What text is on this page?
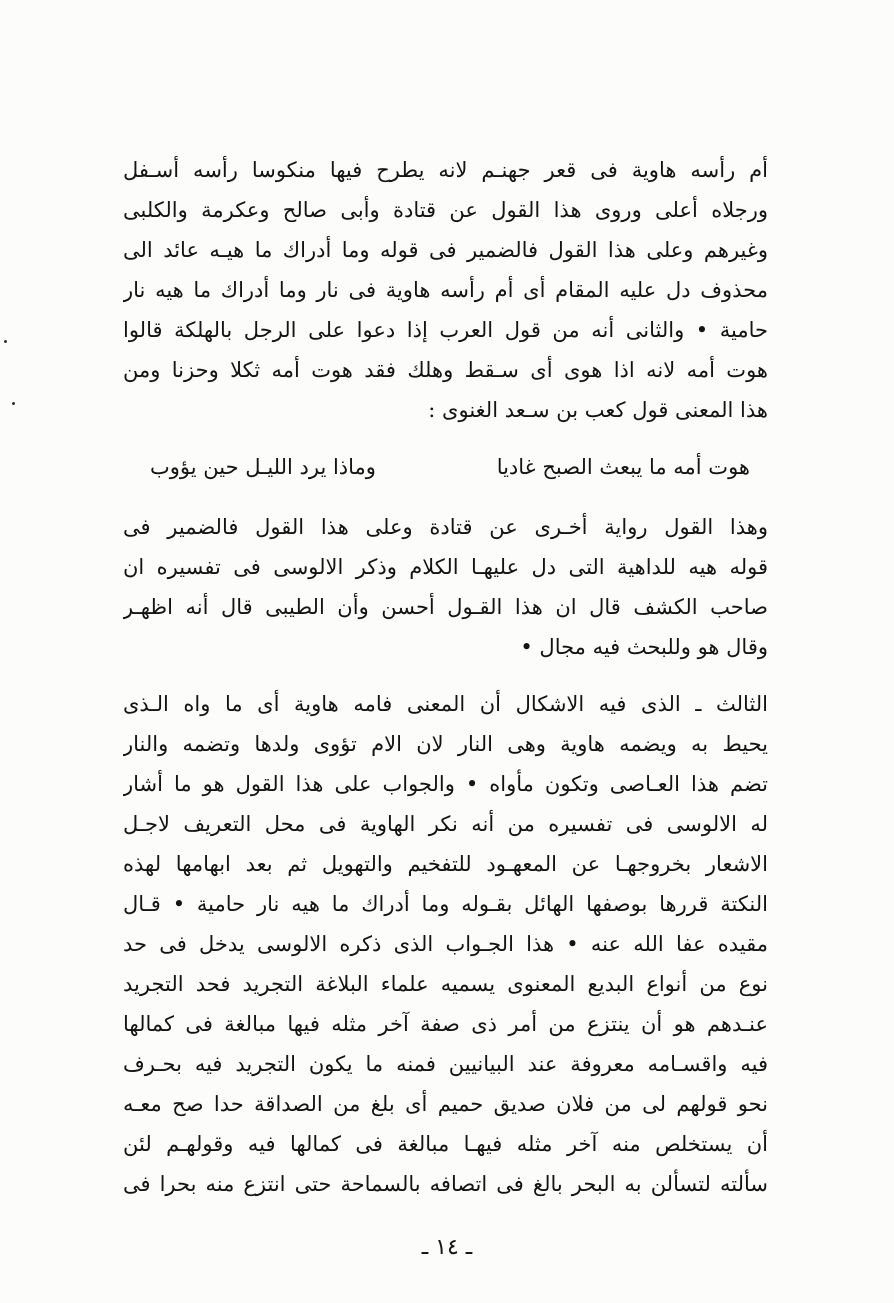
أم رأسه هاوية فى قعر جهنـم لانه يطرح فيها منكوسا رأسه أسـفل
ورجلاه أعلى وروى هذا القول عن قتادة وأبى صالح وعكرمة والكلبى
وغيرهم وعلى هذا القول فالضمير فى قوله وما أدراك ما هيـه عائد الى
محذوف دل عليه المقام أى أم رأسه هاوية فى نار وما أدراك ما هيه نار
حامية • والثانى أنه من قول العرب إذا دعوا على الرجل بالهلكة قالوا
هوت أمه لانه اذا هوى أى سـقط وهلك فقد هوت أمه ثكلا وحزنا ومن
هذا المعنى قول كعب بن سـعد الغنوى :
هوت أمه ما يبعث الصبح غاديا
وماذا يرد الليـل حين يؤوب
وهذا القول رواية أخـرى عن قتادة وعلى هذا القول فالضمير فى
قوله هيه للداهية التى دل عليهـا الكلام وذكر الالوسى فى تفسيره ان
صاحب الكشف قال ان هذا القـول أحسن وأن الطيبى قال أنه اظهـر
وقال هو وللبحث فيه مجال •
الثالث ـ الذى فيه الاشكال أن المعنى فامه هاوية أى ما واه الـذى
يحيط به ويضمه هاوية وهى النار لان الام تؤوى ولدها وتضمه والنار
تضم هذا العـاصى وتكون مأواه • والجواب على هذا القول هو ما أشار
له الالوسى فى تفسيره من أنه نكر الهاوية فى محل التعريف لاجـل
الاشعار بخروجهـا عن المعهـود للتفخيم والتهويل ثم بعد ابهامها لهذه
النكتة قررها بوصفها الهائل بقـوله وما أدراك ما هيه نار حامية • قـال
مقيده عفا الله عنه • هذا الجـواب الذى ذكره الالوسى يدخل فى حد
نوع من أنواع البديع المعنوى يسميه علماء البلاغة التجريد فحد التجريد
عنـدهم هو أن ينتزع من أمر ذى صفة آخر مثله فيها مبالغة فى كمالها
فيه واقسـامه معروفة عند البيانيين فمنه ما يكون التجريد فيه بحـرف
نحو قولهم لى من فلان صديق حميم أى بلغ من الصداقة حدا صح معـه
أن يستخلص منه آخر مثله فيهـا مبالغة فى كمالها فيه وقولهـم لئن
سألته لتسألن به البحر بالغ فى اتصافه بالسماحة حتى انتزع منه بحرا فى
ـ ١٤ ـ
